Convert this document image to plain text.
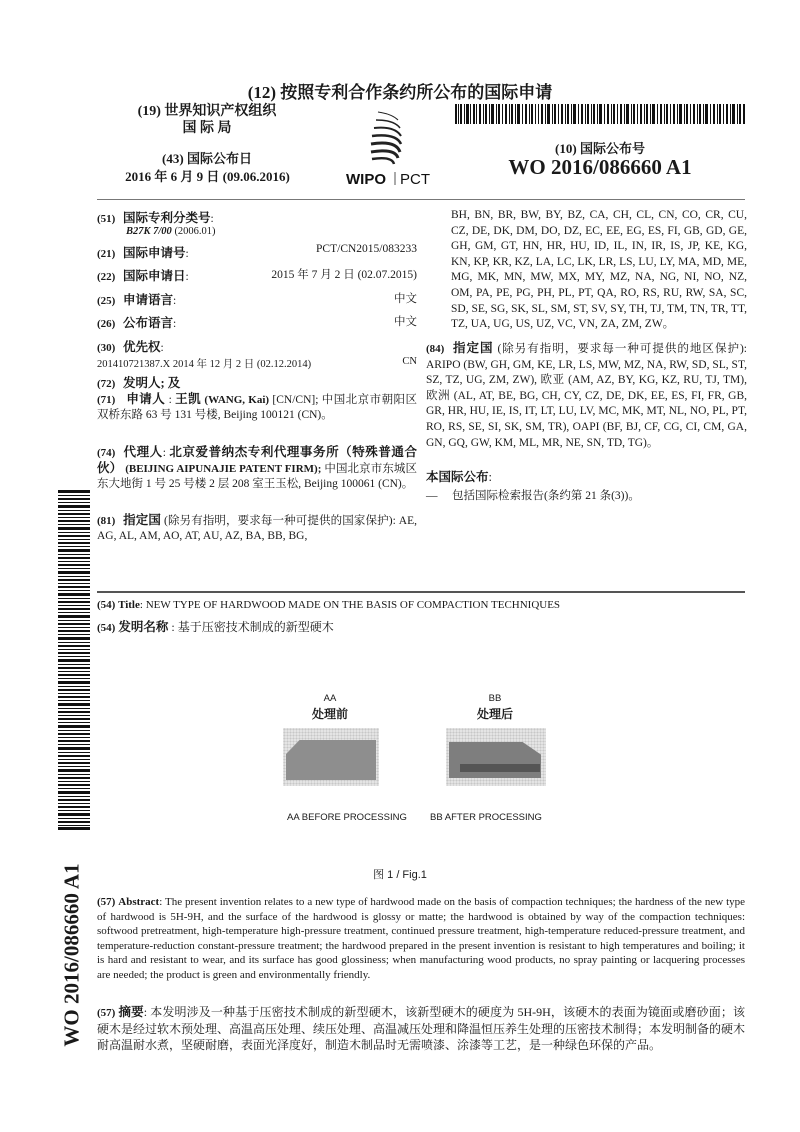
(12) 按照专利合作条约所公布的国际申请
(19) 世界知识产权组织
国 际 局
(43) 国际公布日
2016 年 6 月 9 日 (09.06.2016)	WIPO PCT
(10) 国际公布号
WO 2016/086660 A1
(51) 国际专利分类号:
B27K 7/00 (2006.01)
(21) 国际申请号:	PCT/CN2015/083233
(22) 国际申请日:	2015 年 7 月 2 日 (02.07.2015)
(25) 申请语言:	中文
(26) 公布语言:	中文
(30) 优先权:
201410721387.X 2014 年 12 月 2 日 (02.12.2014)	CN
(72) 发明人; 及
(71) 申请人 : 王凯 (WANG, Kai) [CN/CN]; 中国北京市朝阳区双桥东路 63 号 131 号楼, Beijing 100121 (CN)。
(74) 代理人: 北京爱普纳杰专利代理事务所（特殊普通合伙） (BEIJING AIPUNAJIE PATENT FIRM); 中国北京市东城区东大地街 1 号 25 号楼 2 层 208 室王玉松, Beijing 100061 (CN)。
(81) 指定国 (除另有指明，要求每一种可提供的国家保护): AE, AG, AL, AM, AO, AT, AU, AZ, BA, BB, BG,
BH, BN, BR, BW, BY, BZ, CA, CH, CL, CN, CO, CR, CU, CZ, DE, DK, DM, DO, DZ, EC, EE, EG, ES, FI, GB, GD, GE, GH, GM, GT, HN, HR, HU, ID, IL, IN, IR, IS, JP, KE, KG, KN, KP, KR, KZ, LA, LC, LK, LR, LS, LU, LY, MA, MD, ME, MG, MK, MN, MW, MX, MY, MZ, NA, NG, NI, NO, NZ, OM, PA, PE, PG, PH, PL, PT, QA, RO, RS, RU, RW, SA, SC, SD, SE, SG, SK, SL, SM, ST, SV, SY, TH, TJ, TM, TN, TR, TT, TZ, UA, UG, US, UZ, VC, VN, ZA, ZM, ZW。
(84) 指定国 (除另有指明，要求每一种可提供的地区保护): ARIPO (BW, GH, GM, KE, LR, LS, MW, MZ, NA, RW, SD, SL, ST, SZ, TZ, UG, ZM, ZW), 欧亚 (AM, AZ, BY, KG, KZ, RU, TJ, TM), 欧洲 (AL, AT, BE, BG, CH, CY, CZ, DE, DK, EE, ES, FI, FR, GB, GR, HR, HU, IE, IS, IT, LT, LU, LV, MC, MK, MT, NL, NO, PL, PT, RO, RS, SE, SI, SK, SM, TR), OAPI (BF, BJ, CF, CG, CI, CM, GA, GN, GQ, GW, KM, ML, MR, NE, SN, TD, TG)。
本国际公布:
— 包括国际检索报告(条约第 21 条(3))。
WO 2016/086660 A1
(54) Title: NEW TYPE OF HARDWOOD MADE ON THE BASIS OF COMPACTION TECHNIQUES
(54) 发明名称 : 基于压密技术制成的新型硬木
AA
处理前
BB
处理后
AA BEFORE PROCESSING BB AFTER PROCESSING
图 1 / Fig.1
(57) Abstract: The present invention relates to a new type of hardwood made on the basis of compaction techniques; the hardness of the new type of hardwood is 5H-9H, and the surface of the hardwood is glossy or matte; the hardwood is obtained by way of the compaction techniques: softwood pretreatment, high-temperature high-pressure treatment, continued pressure treatment, high-temperature reduced-pressure treatment, and temperature-reduction constant-pressure treatment; the hardwood prepared in the present invention is resistant to high temperatures and boiling; it is hard and resistant to wear, and its surface has good glossiness; when manufacturing wood products, no spray painting or lacquering processes are needed; the product is green and environmentally friendly.
(57) 摘要: 本发明涉及一种基于压密技术制成的新型硬木，该新型硬木的硬度为 5H-9H，该硬木的表面为镜面或磨砂面；该硬木是经过软木预处理、高温高压处理、续压处理、高温减压处理和降温恒压养生处理的压密技术制得；本发明制备的硬木耐高温耐水煮，坚硬耐磨，表面光泽度好，制造木制品时无需喷漆、涂漆等工艺，是一种绿色环保的产品。
